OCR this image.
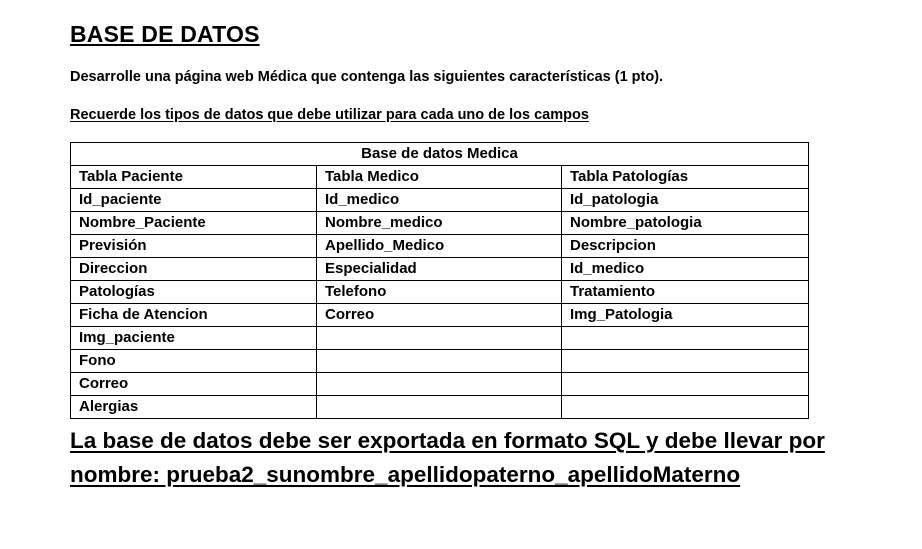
BASE DE DATOS

Desarrolle una página web Médica que contenga las siguientes características (1 pto).

Recuerde los tipos de datos que debe utilizar para cada uno de los campos

Base de datos Medica		
Tabla Paciente	Tabla Medico	Tabla Patologías
Id_paciente	Id_medico	Id_patologia
Nombre_Paciente	Nombre_medico	Nombre_patologia
Previsión	Apellido_Medico	Descripcion
Direccion	Especialidad	Id_medico
Patologías	Telefono	Tratamiento
Ficha de Atencion	Correo	Img_Patologia
Img_paciente		
Fono		
Correo		
Alergias		
La base de datos debe ser exportada en formato SQL y debe llevar por
nombre: prueba2_sunombre_apellidopaterno_apellidoMaterno
